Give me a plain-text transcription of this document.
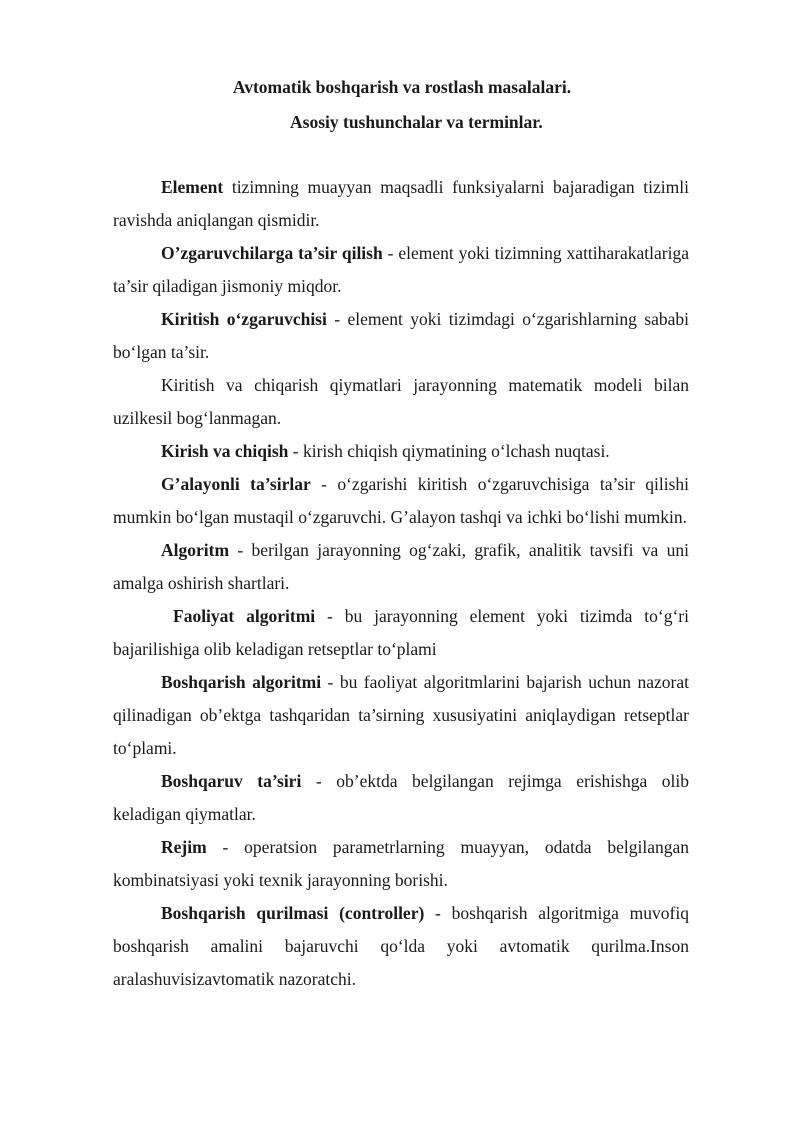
Avtomatik boshqarish va rostlash masalalari.
Asosiy tushunchalar va terminlar.

Element tizimning muayyan maqsadli funksiyalarni bajaradigan tizimli ravishda aniqlangan qismidir.

O’zgaruvchilarga ta’sir qilish - element yoki tizimning xattiharakatlariga ta’sir qiladigan jismoniy miqdor.

Kiritish o‘zgaruvchisi - element yoki tizimdagi o‘zgarishlarning sababi bo‘lgan ta’sir.

Kiritish va chiqarish qiymatlari jarayonning matematik modeli bilan uzilkesil bog‘lanmagan.

Kirish va chiqish - kirish chiqish qiymatining o‘lchash nuqtasi.

G’alayonli ta’sirlar - o‘zgarishi kiritish o‘zgaruvchisiga ta’sir qilishi mumkin bo‘lgan mustaqil o‘zgaruvchi. G’alayon tashqi va ichki bo‘lishi mumkin.

Algoritm - berilgan jarayonning og‘zaki, grafik, analitik tavsifi va uni amalga oshirish shartlari.

Faoliyat algoritmi - bu jarayonning element yoki tizimda to‘g‘ri bajarilishiga olib keladigan retseptlar to‘plami

Boshqarish algoritmi - bu faoliyat algoritmlarini bajarish uchun nazorat qilinadigan ob’ektga tashqaridan ta’sirning xususiyatini aniqlaydigan retseptlar to‘plami.

Boshqaruv ta’siri - ob’ektda belgilangan rejimga erishishga olib keladigan qiymatlar.

Rejim - operatsion parametrlarning muayyan, odatda belgilangan kombinatsiyasi yoki texnik jarayonning borishi.

Boshqarish qurilmasi (controller) - boshqarish algoritmiga muvofiq boshqarish amalini bajaruvchi qo‘lda yoki avtomatik qurilma.Inson aralashuvisizavtomatik nazoratchi.
